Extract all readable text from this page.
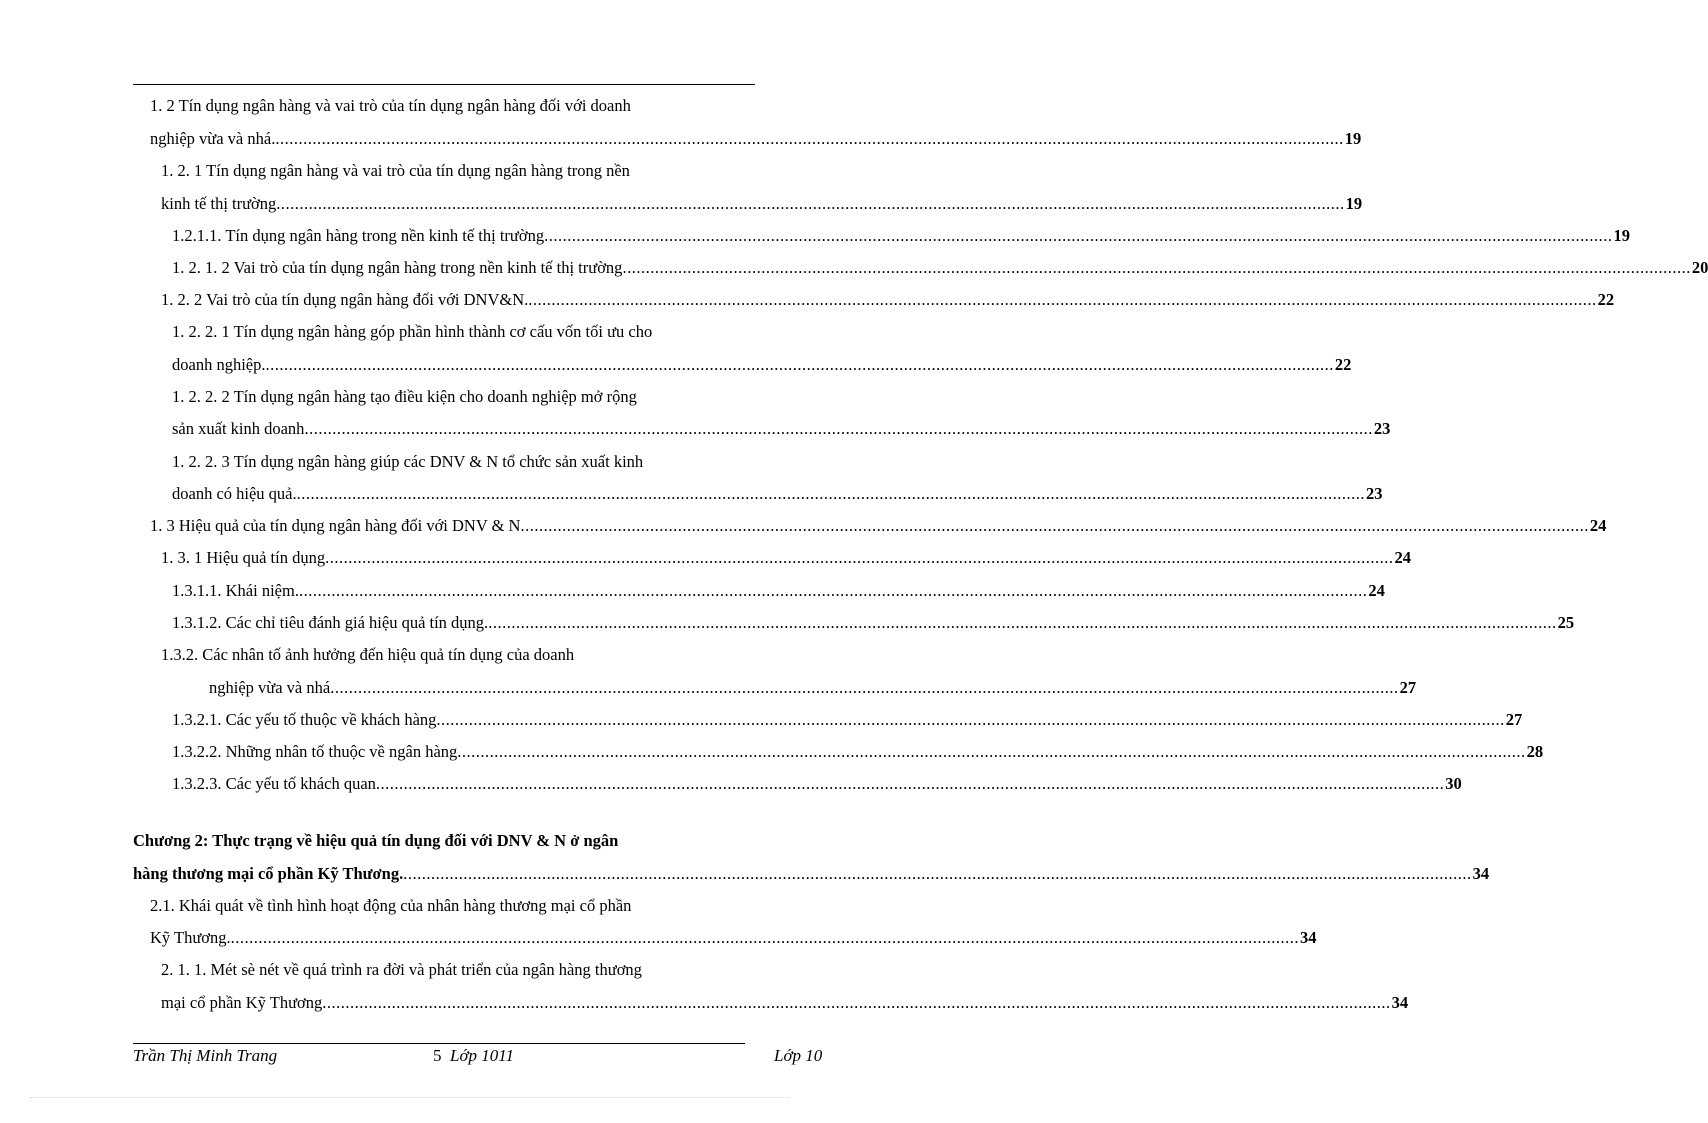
1. 2 Tín dụng ngân hàng và vai trò của tín dụng ngân hàng đối với doanh
nghiệp vừa và nhá. .....	19
1. 2. 1 Tín dụng ngân hàng và vai trò của tín dụng ngân hàng trong nền
kinh tế thị trường .....	19
1.2.1.1. Tín dụng ngân hàng trong nền kinh tế thị trường .....	19
1. 2. 1. 2 Vai trò của tín dụng ngân hàng trong nền kinh tế thị trường .....	20
1. 2. 2 Vai trò của tín dụng ngân hàng đối với DNV&N. .....	22
1. 2. 2. 1 Tín dụng ngân hàng góp phần hình thành cơ cấu vốn tối ưu cho
doanh nghiệp. .....	22
1. 2. 2. 2 Tín dụng ngân hàng tạo điều kiện cho doanh nghiệp mở rộng
sản xuất kinh doanh .....	23
1. 2. 2. 3 Tín dụng ngân hàng giúp các DNV & N tổ chức sản xuất kinh
doanh có hiệu quả. .....	23
1. 3 Hiệu quả của tín dụng ngân hàng đối với DNV & N .....	24
1. 3. 1 Hiệu quả tín dụng .....	24
1.3.1.1. Khái niệm. .....	24
1.3.1.2. Các chỉ tiêu đánh giá hiệu quả tín dụng. .....	25
1.3.2. Các nhân tố ảnh hưởng đến hiệu quả tín dụng của doanh
nghiệp vừa và nhá .....	27
1.3.2.1. Các yếu tố thuộc về khách hàng .....	27
1.3.2.2. Những nhân tố thuộc về ngân hàng .....	28
1.3.2.3. Các yếu tố khách quan .....	30
Chương 2: Thực trạng về hiệu quả tín dụng đối với DNV & N ở ngân
hàng thương mại cổ phần Kỹ Thương. .....	34
2.1. Khái quát về tình hình hoạt động của nhân hàng thương mại cổ phần
Kỹ Thương. .....	34
2. 1. 1. Mét sè nét về quá trình ra đời và phát triển của ngân hàng thương
mại cổ phần Kỹ Thương .....	34
Trần Thị Minh Trang	5 Lớp 1011	Lớp 10
